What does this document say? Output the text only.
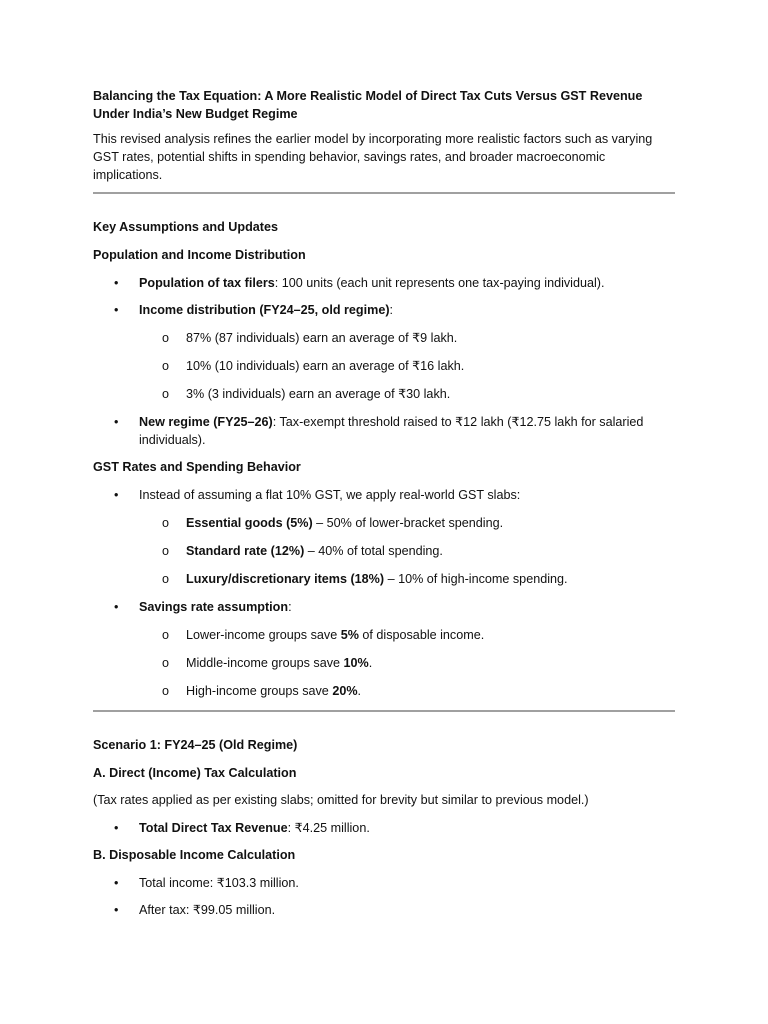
Balancing the Tax Equation: A More Realistic Model of Direct Tax Cuts Versus GST Revenue Under India’s New Budget Regime

This revised analysis refines the earlier model by incorporating more realistic factors such as varying GST rates, potential shifts in spending behavior, savings rates, and broader macroeconomic implications.

Key Assumptions and Updates

Population and Income Distribution

• Population of tax filers: 100 units (each unit represents one tax-paying individual).
• Income distribution (FY24–25, old regime):
o 87% (87 individuals) earn an average of ₹9 lakh.
o 10% (10 individuals) earn an average of ₹16 lakh.
o 3% (3 individuals) earn an average of ₹30 lakh.
• New regime (FY25–26): Tax-exempt threshold raised to ₹12 lakh (₹12.75 lakh for salaried individuals).

GST Rates and Spending Behavior

• Instead of assuming a flat 10% GST, we apply real-world GST slabs:
o Essential goods (5%) – 50% of lower-bracket spending.
o Standard rate (12%) – 40% of total spending.
o Luxury/discretionary items (18%) – 10% of high-income spending.
• Savings rate assumption:
o Lower-income groups save 5% of disposable income.
o Middle-income groups save 10%.
o High-income groups save 20%.

Scenario 1: FY24–25 (Old Regime)

A. Direct (Income) Tax Calculation

(Tax rates applied as per existing slabs; omitted for brevity but similar to previous model.)

• Total Direct Tax Revenue: ₹4.25 million.

B. Disposable Income Calculation

• Total income: ₹103.3 million.
• After tax: ₹99.05 million.
